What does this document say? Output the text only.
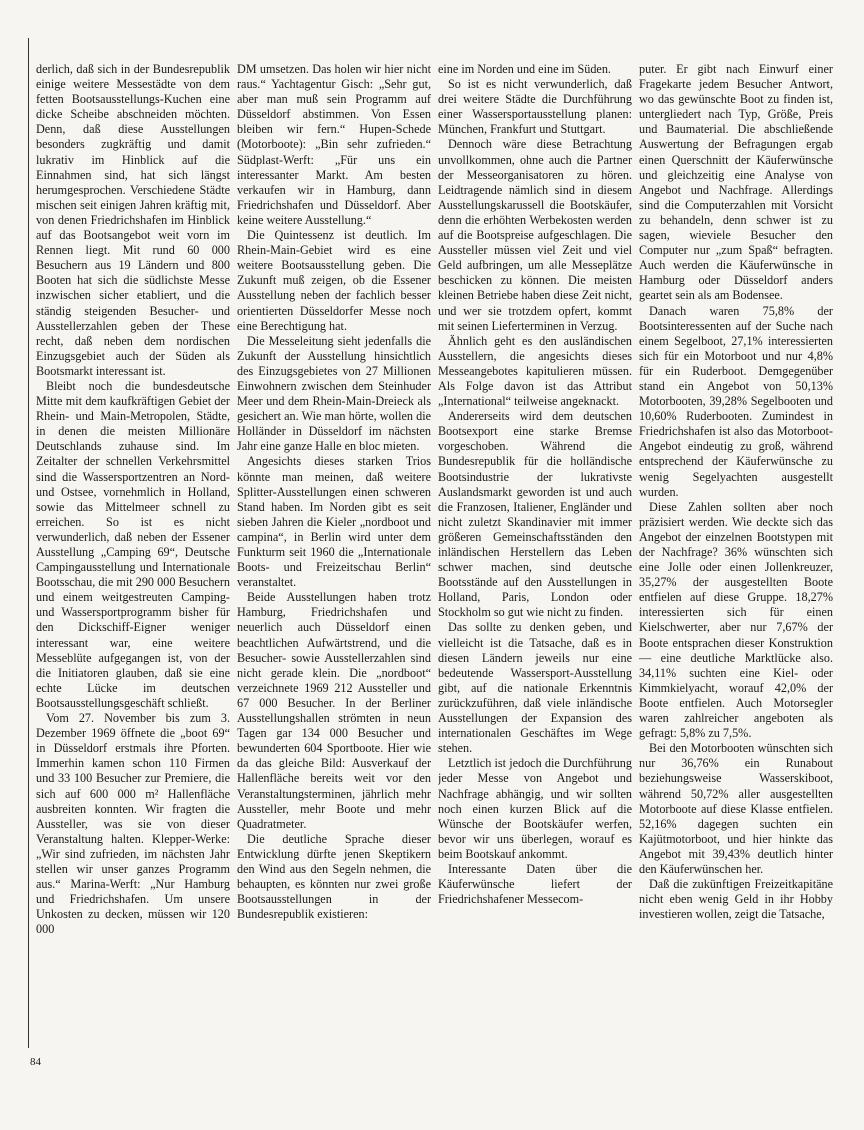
derlich, daß sich in der Bundesrepublik einige weitere Messestädte von dem fetten Bootsausstellungs-Kuchen eine dicke Scheibe abschneiden möchten. Denn, daß diese Ausstellungen besonders zugkräftig und damit lukrativ im Hinblick auf die Einnahmen sind, hat sich längst herumgesprochen. Verschiedene Städte mischen seit einigen Jahren kräftig mit, von denen Friedrichshafen im Hinblick auf das Bootsangebot weit vorn im Rennen liegt. Mit rund 60 000 Besuchern aus 19 Ländern und 800 Booten hat sich die südlichste Messe inzwischen sicher etabliert, und die ständig steigenden Besucher- und Ausstellerzahlen geben der These recht, daß neben dem nordischen Einzugsgebiet auch der Süden als Bootsmarkt interessant ist.

Bleibt noch die bundesdeutsche Mitte mit dem kaufkräftigen Gebiet der Rhein- und Main-Metropolen, Städte, in denen die meisten Millionäre Deutschlands zuhause sind. Im Zeitalter der schnellen Verkehrsmittel sind die Wassersportzentren an Nord- und Ostsee, vornehmlich in Holland, sowie das Mittelmeer schnell zu erreichen. So ist es nicht verwunderlich, daß neben der Essener Ausstellung „Camping 69“, Deutsche Campingausstellung und Internationale Bootsschau, die mit 290 000 Besuchern und einem weitgestreuten Camping- und Wassersportprogramm bisher für den Dickschiff-Eigner weniger interessant war, eine weitere Messeblüte aufgegangen ist, von der die Initiatoren glauben, daß sie eine echte Lücke im deutschen Bootsausstellungsgeschäft schließt.

Vom 27. November bis zum 3. Dezember 1969 öffnete die „boot 69“ in Düsseldorf erstmals ihre Pforten. Immerhin kamen schon 110 Firmen und 33 100 Besucher zur Premiere, die sich auf 600 000 m² Hallenfläche ausbreiten konnten. Wir fragten die Aussteller, was sie von dieser Veranstaltung halten. Klepper-Werke: „Wir sind zufrieden, im nächsten Jahr stellen wir unser ganzes Programm aus.“ Marina-Werft: „Nur Hamburg und Friedrichshafen. Um unsere Unkosten zu decken, müssen wir 120 000

DM umsetzen. Das holen wir hier nicht raus.“ Yachtagentur Gisch: „Sehr gut, aber man muß sein Programm auf Düsseldorf abstimmen. Von Essen bleiben wir fern.“ Hupen-Schede (Motorboote): „Bin sehr zufrieden.“ Südplast-Werft: „Für uns ein interessanter Markt. Am besten verkaufen wir in Hamburg, dann Friedrichshafen und Düsseldorf. Aber keine weitere Ausstellung.“

Die Quintessenz ist deutlich. Im Rhein-Main-Gebiet wird es eine weitere Bootsausstellung geben. Die Zukunft muß zeigen, ob die Essener Ausstellung neben der fachlich besser orientierten Düsseldorfer Messe noch eine Berechtigung hat.

Die Messeleitung sieht jedenfalls die Zukunft der Ausstellung hinsichtlich des Einzugsgebietes von 27 Millionen Einwohnern zwischen dem Steinhuder Meer und dem Rhein-Main-Dreieck als gesichert an. Wie man hörte, wollen die Holländer in Düsseldorf im nächsten Jahr eine ganze Halle en bloc mieten.

Angesichts dieses starken Trios könnte man meinen, daß weitere Splitter-Ausstellungen einen schweren Stand haben. Im Norden gibt es seit sieben Jahren die Kieler „nordboot und campina“, in Berlin wird unter dem Funkturm seit 1960 die „Internationale Boots- und Freizeitschau Berlin“ veranstaltet.

Beide Ausstellungen haben trotz Hamburg, Friedrichshafen und neuerlich auch Düsseldorf einen beachtlichen Aufwärtstrend, und die Besucher- sowie Ausstellerzahlen sind nicht gerade klein. Die „nordboot“ verzeichnete 1969 212 Aussteller und 67 000 Besucher. In der Berliner Ausstellungshallen strömten in neun Tagen gar 134 000 Besucher und bewunderten 604 Sportboote. Hier wie da das gleiche Bild: Ausverkauf der Hallenfläche bereits weit vor den Veranstaltungsterminen, jährlich mehr Aussteller, mehr Boote und mehr Quadratmeter.

Die deutliche Sprache dieser Entwicklung dürfte jenen Skeptikern den Wind aus den Segeln nehmen, die behaupten, es könnten nur zwei große Bootsausstellungen in der Bundesrepublik existieren:

eine im Norden und eine im Süden.

So ist es nicht verwunderlich, daß drei weitere Städte die Durchführung einer Wassersportausstellung planen: München, Frankfurt und Stuttgart.

Dennoch wäre diese Betrachtung unvollkommen, ohne auch die Partner der Messeorganisatoren zu hören. Leidtragende nämlich sind in diesem Ausstellungskarussell die Bootskäufer, denn die erhöhten Werbekosten werden auf die Bootspreise aufgeschlagen. Die Aussteller müssen viel Zeit und viel Geld aufbringen, um alle Messeplätze beschicken zu können. Die meisten kleinen Betriebe haben diese Zeit nicht, und wer sie trotzdem opfert, kommt mit seinen Lieferterminen in Verzug.

Ähnlich geht es den ausländischen Ausstellern, die angesichts dieses Messeangebotes kapitulieren müssen. Als Folge davon ist das Attribut „International“ teilweise angeknackt.

Andererseits wird dem deutschen Bootsexport eine starke Bremse vorgeschoben. Während die Bundesrepublik für die holländische Bootsindustrie der lukrativste Auslandsmarkt geworden ist und auch die Franzosen, Italiener, Engländer und nicht zuletzt Skandinavier mit immer größeren Gemeinschaftsständen den inländischen Herstellern das Leben schwer machen, sind deutsche Bootsstände auf den Ausstellungen in Holland, Paris, London oder Stockholm so gut wie nicht zu finden.

Das sollte zu denken geben, und vielleicht ist die Tatsache, daß es in diesen Ländern jeweils nur eine bedeutende Wassersport-Ausstellung gibt, auf die nationale Erkenntnis zurückzuführen, daß viele inländische Ausstellungen der Expansion des internationalen Geschäftes im Wege stehen.

Letztlich ist jedoch die Durchführung jeder Messe von Angebot und Nachfrage abhängig, und wir sollten noch einen kurzen Blick auf die Wünsche der Bootskäufer werfen, bevor wir uns überlegen, worauf es beim Bootskauf ankommt.

Interessante Daten über die Käuferwünsche liefert der Friedrichshafener Messecom-

puter. Er gibt nach Einwurf einer Fragekarte jedem Besucher Antwort, wo das gewünschte Boot zu finden ist, untergliedert nach Typ, Größe, Preis und Baumaterial. Die abschließende Auswertung der Befragungen ergab einen Querschnitt der Käuferwünsche und gleichzeitig eine Analyse von Angebot und Nachfrage. Allerdings sind die Computerzahlen mit Vorsicht zu behandeln, denn schwer ist zu sagen, wieviele Besucher den Computer nur „zum Spaß“ befragten. Auch werden die Käuferwünsche in Hamburg oder Düsseldorf anders geartet sein als am Bodensee.

Danach waren 75,8% der Bootsinteressenten auf der Suche nach einem Segelboot, 27,1% interessierten sich für ein Motorboot und nur 4,8% für ein Ruderboot. Demgegenüber stand ein Angebot von 50,13% Motorbooten, 39,28% Segelbooten und 10,60% Ruderbooten. Zumindest in Friedrichshafen ist also das Motorboot-Angebot eindeutig zu groß, während entsprechend der Käuferwünsche zu wenig Segelyachten ausgestellt wurden.

Diese Zahlen sollten aber noch präzisiert werden. Wie deckte sich das Angebot der einzelnen Bootstypen mit der Nachfrage? 36% wünschten sich eine Jolle oder einen Jollenkreuzer, 35,27% der ausgestellten Boote entfielen auf diese Gruppe. 18,27% interessierten sich für einen Kielschwerter, aber nur 7,67% der Boote entsprachen dieser Konstruktion — eine deutliche Marktlücke also. 34,11% suchten eine Kiel- oder Kimmkielyacht, worauf 42,0% der Boote entfielen. Auch Motorsegler waren zahlreicher angeboten als gefragt: 5,8% zu 7,5%.

Bei den Motorbooten wünschten sich nur 36,76% ein Runabout beziehungsweise Wasserskiboot, während 50,72% aller ausgestellten Motorboote auf diese Klasse entfielen. 52,16% dagegen suchten ein Kajütmotorboot, und hier hinkte das Angebot mit 39,43% deutlich hinter den Käuferwünschen her.

Daß die zukünftigen Freizeitkapitäne nicht eben wenig Geld in ihr Hobby investieren wollen, zeigt die Tatsache,

84
